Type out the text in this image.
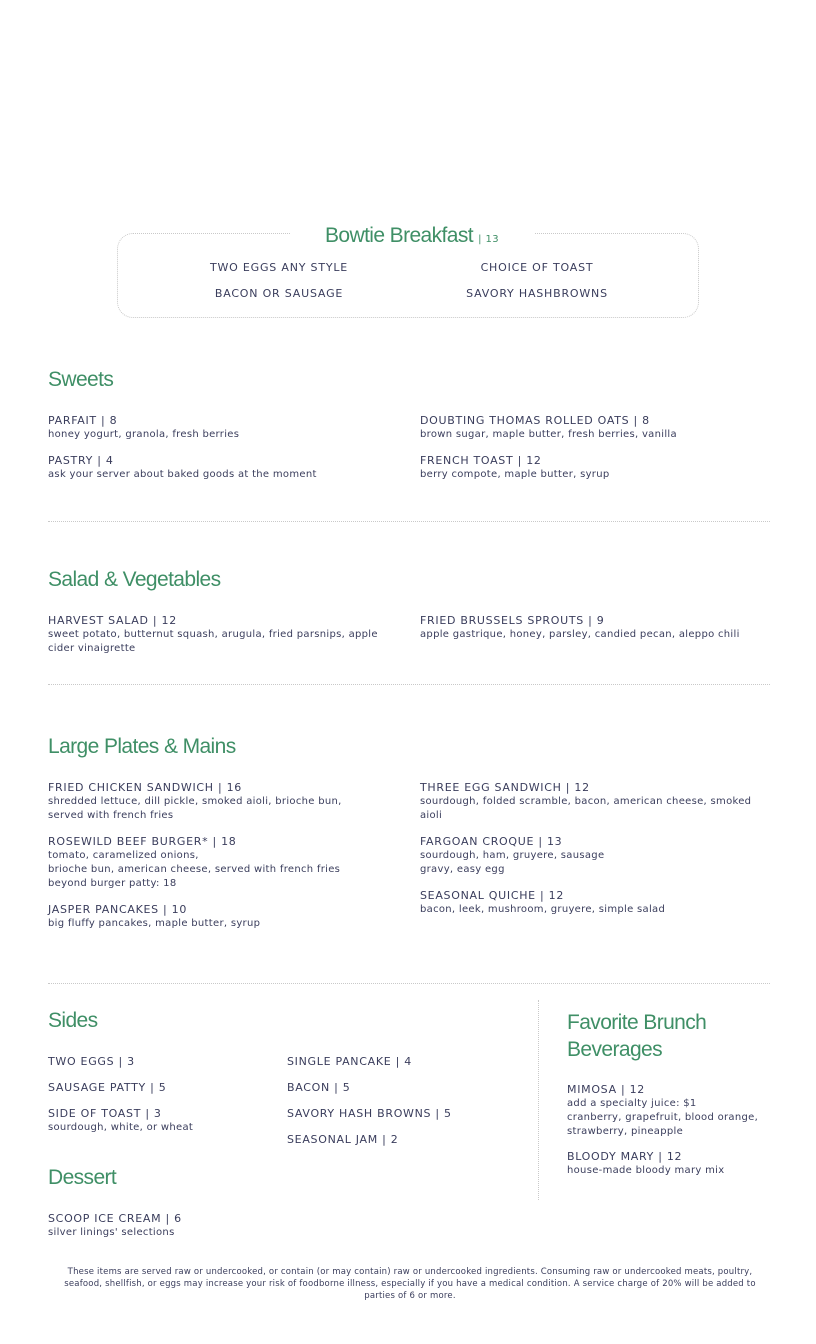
Bowtie Breakfast | 13
TWO EGGS ANY STYLE	CHOICE OF TOAST
BACON OR SAUSAGE	SAVORY HASHBROWNS
Sweets
PARFAIT | 8
honey yogurt, granola, fresh berries
DOUBTING THOMAS ROLLED OATS | 8
brown sugar, maple butter, fresh berries, vanilla
PASTRY | 4
ask your server about baked goods at the moment
FRENCH TOAST | 12
berry compote, maple butter, syrup
Salad & Vegetables
HARVEST SALAD | 12
sweet potato, butternut squash, arugula, fried parsnips, apple
cider vinaigrette
FRIED BRUSSELS SPROUTS | 9
apple gastrique, honey, parsley, candied pecan, aleppo chili
Large Plates & Mains
FRIED CHICKEN SANDWICH | 16
shredded lettuce, dill pickle, smoked aioli, brioche bun,
served with french fries
THREE EGG SANDWICH | 12
sourdough, folded scramble, bacon, american cheese, smoked
aioli
ROSEWILD BEEF BURGER* | 18
tomato, caramelized onions,
brioche bun, american cheese, served with french fries
beyond burger patty: 18
FARGOAN CROQUE | 13
sourdough, ham, gruyere, sausage
gravy, easy egg
SEASONAL QUICHE | 12
bacon, leek, mushroom, gruyere, simple salad
JASPER PANCAKES | 10
big fluffy pancakes, maple butter, syrup
Sides
TWO EGGS | 3	SINGLE PANCAKE | 4
SAUSAGE PATTY | 5	BACON | 5
SIDE OF TOAST | 3
sourdough, white, or wheat
SAVORY HASH BROWNS | 5
SEASONAL JAM | 2
Dessert
SCOOP ICE CREAM | 6
silver linings' selections
Favorite Brunch
Beverages
MIMOSA | 12
add a specialty juice: $1
cranberry, grapefruit, blood orange,
strawberry, pineapple
BLOODY MARY | 12
house-made bloody mary mix
These items are served raw or undercooked, or contain (or may contain) raw or undercooked ingredients. Consuming raw or undercooked meats, poultry,
seafood, shellfish, or eggs may increase your risk of foodborne illness, especially if you have a medical condition. A service charge of 20% will be added to
parties of 6 or more.
